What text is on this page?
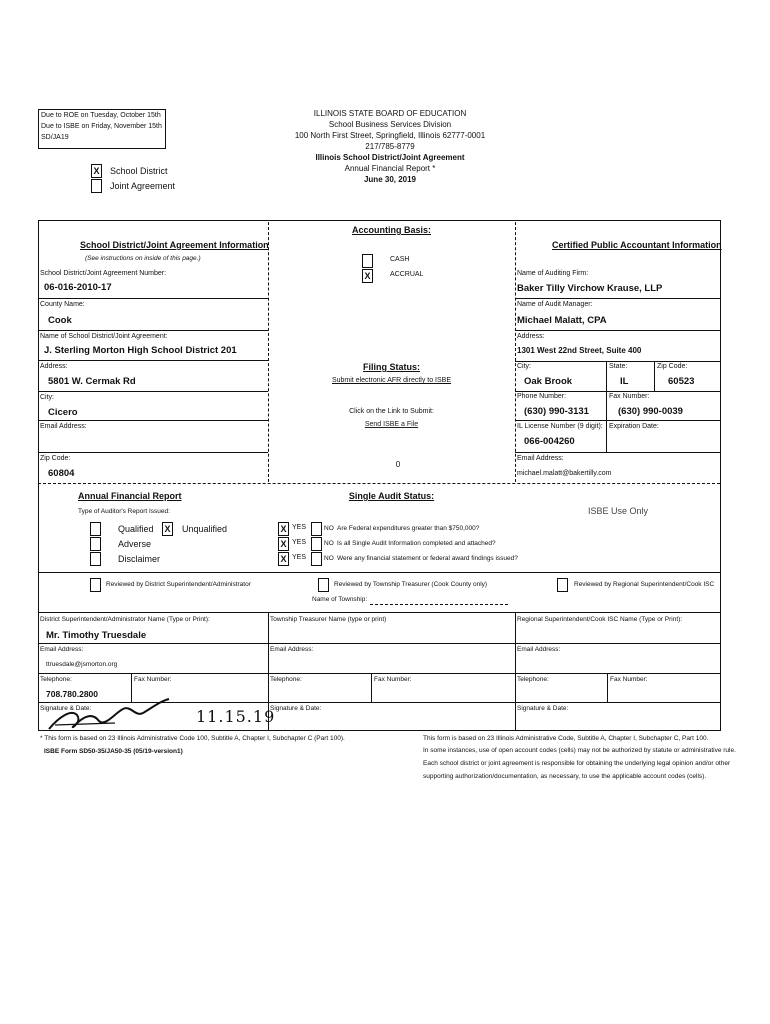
Due to ROE on Tuesday, October 15th
Due to ISBE on Friday, November 15th
SD/JA19
X School District
Joint Agreement
ILLINOIS STATE BOARD OF EDUCATION
School Business Services Division
100 North First Street, Springfield, Illinois 62777-0001
217/785-8779
Illinois School District/Joint Agreement
Annual Financial Report *
June 30, 2019
School District/Joint Agreement Information
(See instructions on inside of this page.)
School District/Joint Agreement Number:
06-016-2010-17
County Name:
Cook
Name of School District/Joint Agreement:
J. Sterling Morton High School District 201
Address:
5801 W. Cermak Rd
City:
Cicero
Email Address:
Zip Code:
60804
Accounting Basis:
CASH
X	ACCRUAL
Filing Status:
Submit electronic AFR directly to ISBE
Click on the Link to Submit:
Send ISBE a File
0
Certified Public Accountant Information
Name of Auditing Firm:
Baker Tilly Virchow Krause, LLP
Name of Audit Manager:
Michael Malatt, CPA
Address:
1301 West 22nd Street, Suite 400
City:
Oak Brook
State:
IL
Zip Code:
60523
Phone Number:
(630) 990-3131
Fax Number:
(630) 990-0039
IL License Number (9 digit):
066-004260
Expiration Date:
Email Address:
michael.malatt@bakertilly.com
Annual Financial Report
Type of Auditor's Report Issued:
Qualified X Unqualified
Adverse
Disclaimer
Single Audit Status:
X YES	NO Are Federal expenditures greater than $750,000?
X YES	NO Is all Single Audit Information completed and attached?
X YES	NO Were any financial statement or federal award findings issued?
ISBE Use Only
Reviewed by District Superintendent/Administrator	Reviewed by Township Treasurer (Cook County only)
Name of Township:
Reviewed by Regional Superintendent/Cook ISC
District Superintendent/Administrator Name (Type or Print):
Mr. Timothy Truesdale
Email Address:
ttruesdale@jsmorton.org
Telephone:
708.780.2800
Fax Number:
Signature & Date:	11.15.19
Township Treasurer Name (type or print)
Email Address:
Telephone:	Fax Number:
Signature & Date:
Regional Superintendent/Cook ISC Name (Type or Print):
Email Address:
Telephone:	Fax Number:
Signature & Date:
* This form is based on 23 Illinois Administrative Code 100, Subtitle A, Chapter I, Subchapter C (Part 100).
ISBE Form SD50-35/JA50-35 (05/19-version1)
This form is based on 23 Illinois Administrative Code, Subtitle A, Chapter I, Subchapter C, Part 100.
In some instances, use of open account codes (cells) may not be authorized by statute or administrative rule.
Each school district or joint agreement is responsible for obtaining the underlying legal opinion and/or other
supporting authorization/documentation, as necessary, to use the applicable account codes (cells).
